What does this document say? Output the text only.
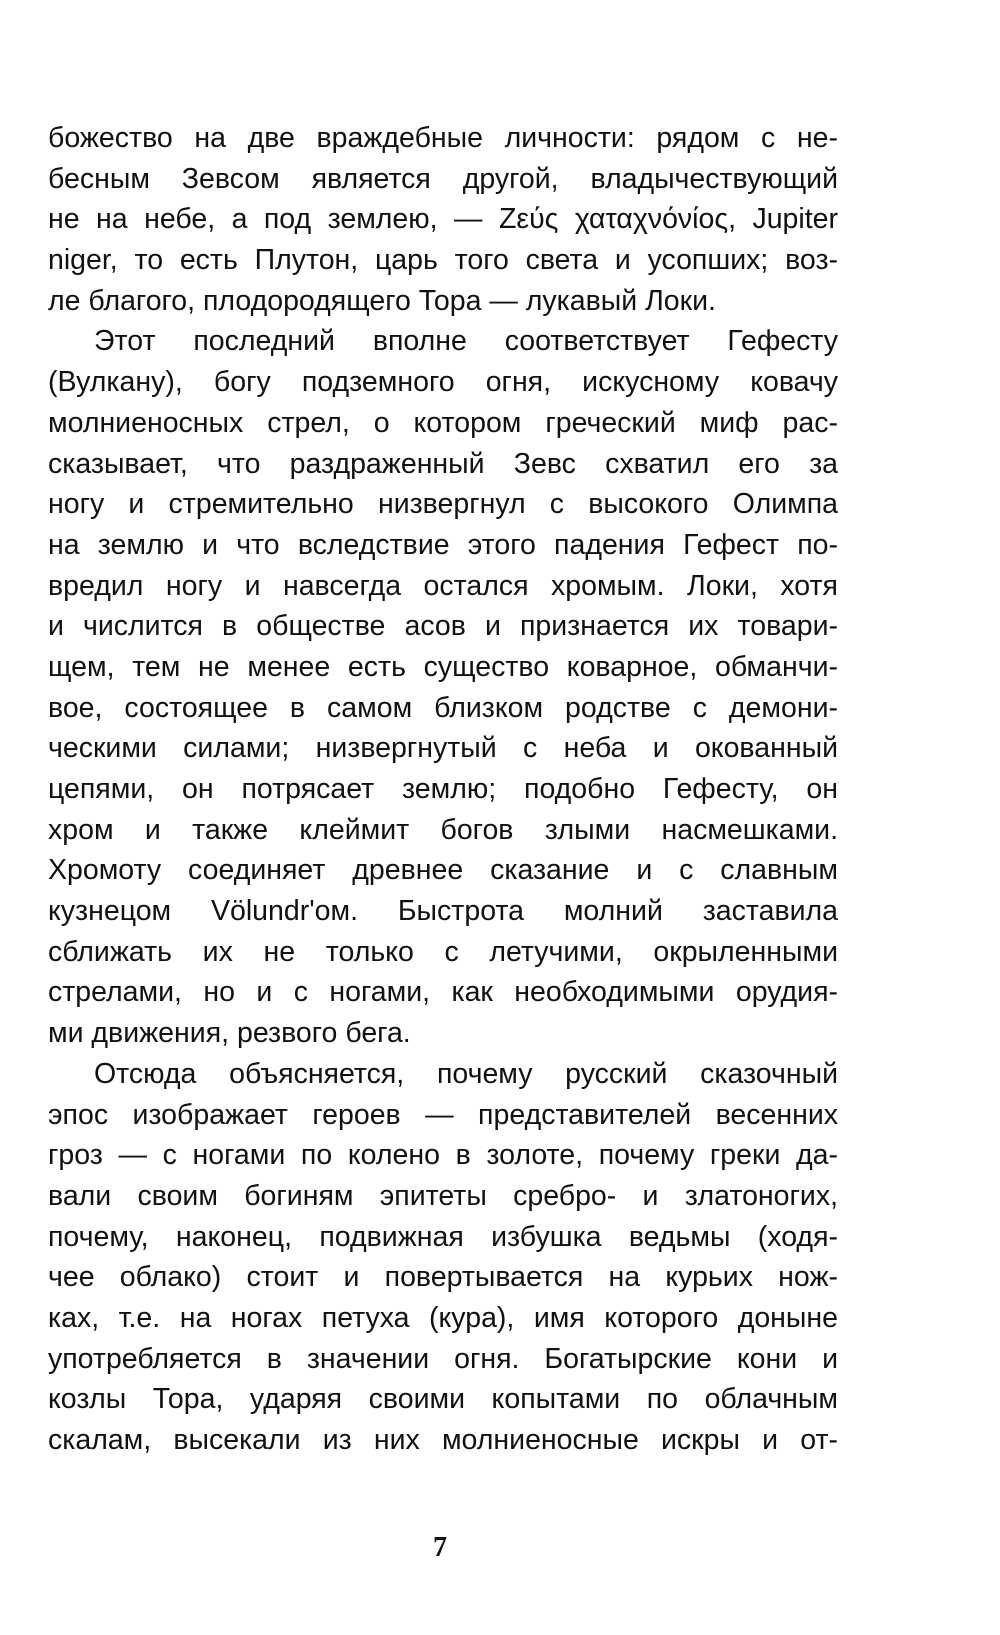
божество на две враждебные личности: рядом с не-
бесным Зевсом является другой, владычествующий
не на небе, а под землею, — Ζεύς χαταχνόνίος, Jupiter
niger, то есть Плутон, царь того света и усопших; воз-
ле благого, плодородящего Тора — лукавый Локи.
Этот последний вполне соответствует Гефесту
(Вулкану), богу подземного огня, искусному ковачу
молниеносных стрел, о котором греческий миф рас-
сказывает, что раздраженный Зевс схватил его за
ногу и стремительно низвергнул с высокого Олимпа
на землю и что вследствие этого падения Гефест по-
вредил ногу и навсегда остался хромым. Локи, хотя
и числится в обществе асов и признается их товари-
щем, тем не менее есть существо коварное, обманчи-
вое, состоящее в самом близком родстве с демони-
ческими силами; низвергнутый с неба и окованный
цепями, он потрясает землю; подобно Гефесту, он
хром и также клеймит богов злыми насмешками.
Хромоту соединяет древнее сказание и с славным
кузнецом Völundr'ом. Быстрота молний заставила
сближать их не только с летучими, окрыленными
стрелами, но и с ногами, как необходимыми орудия-
ми движения, резвого бега.
Отсюда объясняется, почему русский сказочный
эпос изображает героев — представителей весенних
гроз — с ногами по колено в золоте, почему греки да-
вали своим богиням эпитеты сребро- и златоногих,
почему, наконец, подвижная избушка ведьмы (ходя-
чее облако) стоит и повертывается на курьих нож-
ках, т.е. на ногах петуха (кура), имя которого доныне
употребляется в значении огня. Богатырские кони и
козлы Тора, ударяя своими копытами по облачным
скалам, высекали из них молниеносные искры и от-
7
